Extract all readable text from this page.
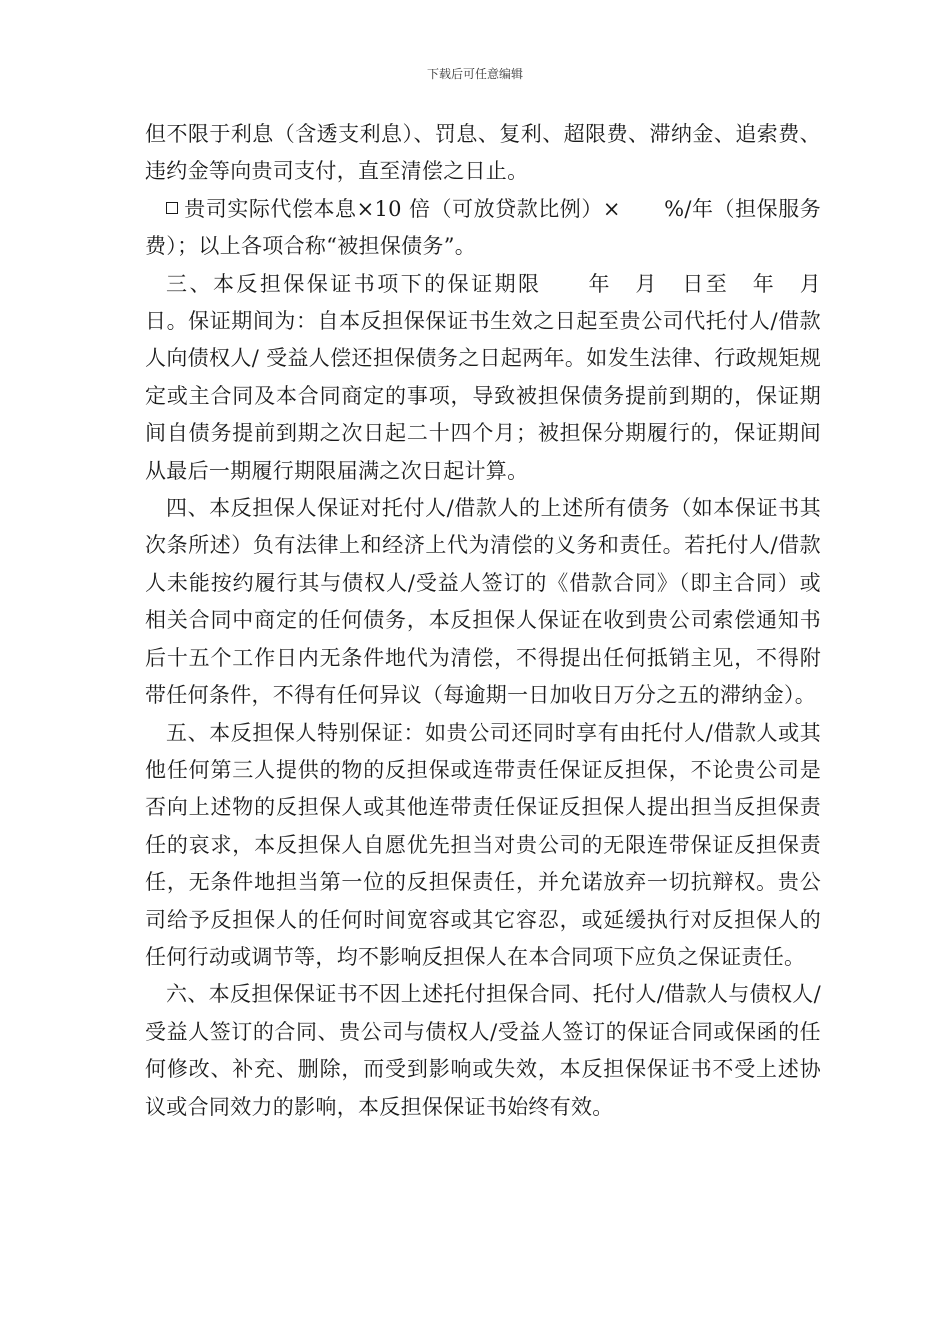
下载后可任意编辑

但不限于利息（含透支利息）、罚息、复利、超限费、滞纳金、追索费、违约金等向贵司支付，直至清偿之日止。

贵司实际代偿本息×10 倍（可放贷款比例）×　　%/年（担保服务费）；以上各项合称“被担保债务”。

三、本反担保保证书项下的保证期限　　年　月　日至　年　月　日。保证期间为：自本反担保保证书生效之日起至贵公司代托付人/借款人向债权人/ 受益人偿还担保债务之日起两年。如发生法律、行政规矩规定或主合同及本合同商定的事项，导致被担保债务提前到期的，保证期间自债务提前到期之次日起二十四个月；被担保分期履行的，保证期间从最后一期履行期限届满之次日起计算。

四、本反担保人保证对托付人/借款人的上述所有债务（如本保证书其次条所述）负有法律上和经济上代为清偿的义务和责任。若托付人/借款人未能按约履行其与债权人/受益人签订的《借款合同》（即主合同）或相关合同中商定的任何债务，本反担保人保证在收到贵公司索偿通知书后十五个工作日内无条件地代为清偿，不得提出任何抵销主见，不得附带任何条件，不得有任何异议（每逾期一日加收日万分之五的滞纳金）。

五、本反担保人特别保证：如贵公司还同时享有由托付人/借款人或其他任何第三人提供的物的反担保或连带责任保证反担保，不论贵公司是否向上述物的反担保人或其他连带责任保证反担保人提出担当反担保责任的哀求，本反担保人自愿优先担当对贵公司的无限连带保证反担保责任，无条件地担当第一位的反担保责任，并允诺放弃一切抗辩权。贵公司给予反担保人的任何时间宽容或其它容忍，或延缓执行对反担保人的任何行动或调节等，均不影响反担保人在本合同项下应负之保证责任。

六、本反担保保证书不因上述托付担保合同、托付人/借款人与债权人/受益人签订的合同、贵公司与债权人/受益人签订的保证合同或保函的任何修改、补充、删除，而受到影响或失效，本反担保保证书不受上述协议或合同效力的影响，本反担保保证书始终有效。
